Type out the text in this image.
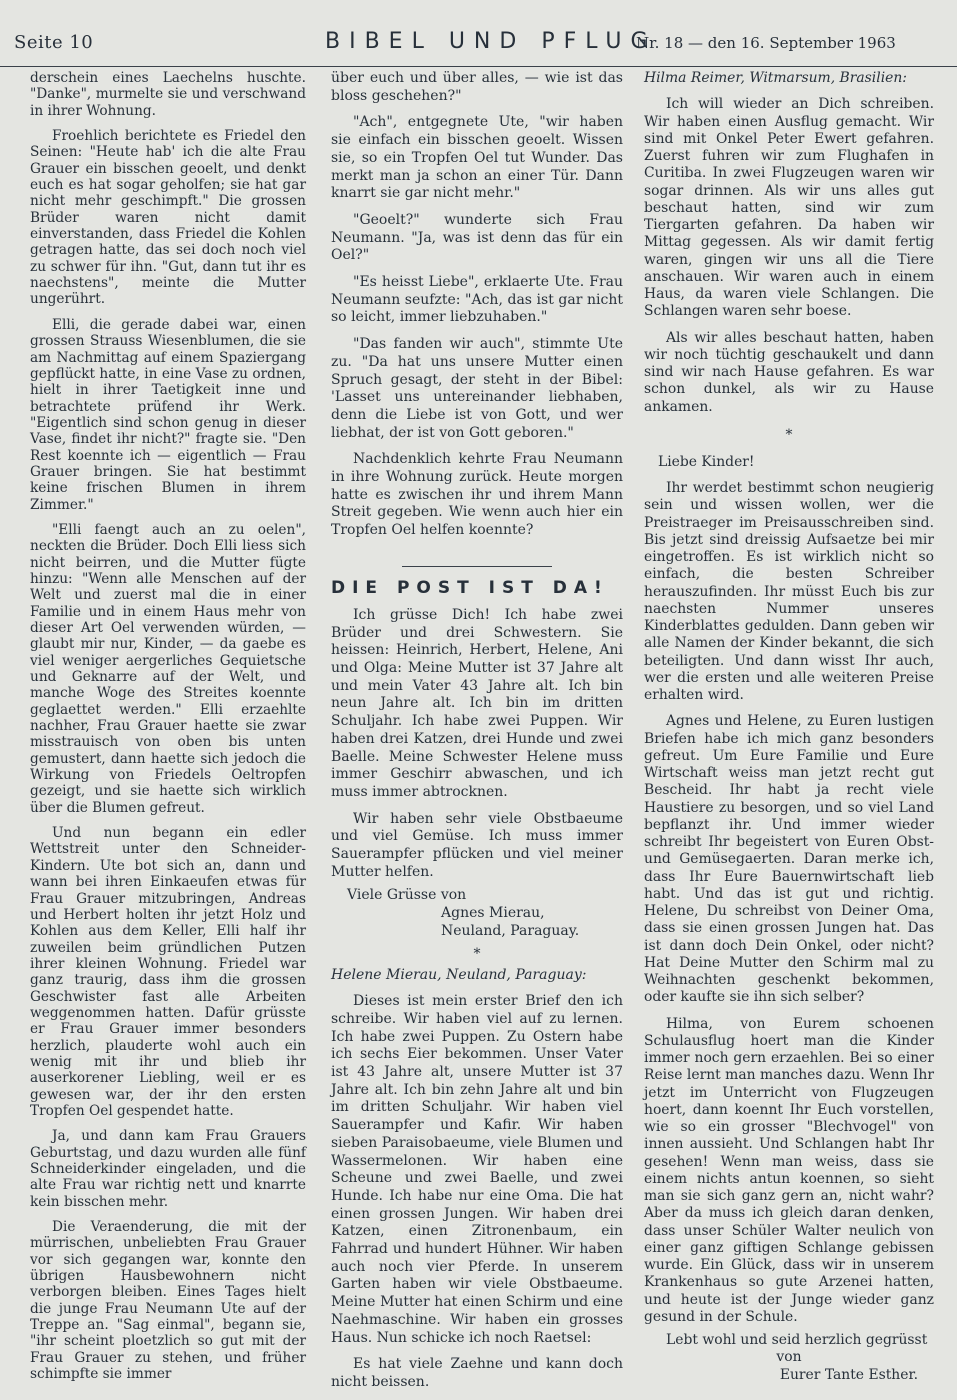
Seite 10	BIBEL UND PFLUG
Nr. 18 — den 16. September 1963

derschein eines Laechelns huschte. "Danke", murmelte sie und verschwand in ihrer Wohnung.

Froehlich berichtete es Friedel den Seinen: "Heute hab' ich die alte Frau Grauer ein bisschen geoelt, und denkt euch es hat sogar geholfen; sie hat gar nicht mehr geschimpft." Die grossen Brüder waren nicht damit einverstanden, dass Friedel die Kohlen getragen hatte, das sei doch noch viel zu schwer für ihn. "Gut, dann tut ihr es naechstens", meinte die Mutter ungerührt.

Elli, die gerade dabei war, einen grossen Strauss Wiesenblumen, die sie am Nachmittag auf einem Spaziergang gepflückt hatte, in eine Vase zu ordnen, hielt in ihrer Taetigkeit inne und betrachtete prüfend ihr Werk. "Eigentlich sind schon genug in dieser Vase, findet ihr nicht?" fragte sie. "Den Rest koennte ich — eigentlich — Frau Grauer bringen. Sie hat bestimmt keine frischen Blumen in ihrem Zimmer."

"Elli faengt auch an zu oelen", neckten die Brüder. Doch Elli liess sich nicht beirren, und die Mutter fügte hinzu: "Wenn alle Menschen auf der Welt und zuerst mal die in einer Familie und in einem Haus mehr von dieser Art Oel verwenden würden, — glaubt mir nur, Kinder, — da gaebe es viel weniger aergerliches Gequietsche und Geknarre auf der Welt, und manche Woge des Streites koennte geglaettet werden." Elli erzaehlte nachher, Frau Grauer haette sie zwar misstrauisch von oben bis unten gemustert, dann haette sich jedoch die Wirkung von Friedels Oeltropfen gezeigt, und sie haette sich wirklich über die Blumen gefreut.

Und nun begann ein edler Wettstreit unter den Schneider-Kindern. Ute bot sich an, dann und wann bei ihren Einkaeufen etwas für Frau Grauer mitzubringen, Andreas und Herbert holten ihr jetzt Holz und Kohlen aus dem Keller, Elli half ihr zuweilen beim gründlichen Putzen ihrer kleinen Wohnung. Friedel war ganz traurig, dass ihm die grossen Geschwister fast alle Arbeiten weggenommen hatten. Dafür grüsste er Frau Grauer immer besonders herzlich, plauderte wohl auch ein wenig mit ihr und blieb ihr auserkorener Liebling, weil er es gewesen war, der ihr den ersten Tropfen Oel gespendet hatte.

Ja, und dann kam Frau Grauers Geburtstag, und dazu wurden alle fünf Schneiderkinder eingeladen, und die alte Frau war richtig nett und knarrte kein bisschen mehr.

Die Veraenderung, die mit der mürrischen, unbeliebten Frau Grauer vor sich gegangen war, konnte den übrigen Hausbewohnern nicht verborgen bleiben. Eines Tages hielt die junge Frau Neumann Ute auf der Treppe an. "Sag einmal", begann sie, "ihr scheint ploetzlich so gut mit der Frau Grauer zu stehen, und früher schimpfte sie immer

über euch und über alles, — wie ist das bloss geschehen?"

"Ach", entgegnete Ute, "wir haben sie einfach ein bisschen geoelt. Wissen sie, so ein Tropfen Oel tut Wunder. Das merkt man ja schon an einer Tür. Dann knarrt sie gar nicht mehr."

"Geoelt?" wunderte sich Frau Neumann. "Ja, was ist denn das für ein Oel?"

"Es heisst Liebe", erklaerte Ute. Frau Neumann seufzte: "Ach, das ist gar nicht so leicht, immer liebzuhaben."

"Das fanden wir auch", stimmte Ute zu. "Da hat uns unsere Mutter einen Spruch gesagt, der steht in der Bibel: 'Lasset uns untereinander liebhaben, denn die Liebe ist von Gott, und wer liebhat, der ist von Gott geboren."

Nachdenklich kehrte Frau Neumann in ihre Wohnung zurück. Heute morgen hatte es zwischen ihr und ihrem Mann Streit gegeben. Wie wenn auch hier ein Tropfen Oel helfen koennte?

DIE POST IST DA!

Ich grüsse Dich! Ich habe zwei Brüder und drei Schwestern. Sie heissen: Heinrich, Herbert, Helene, Ani und Olga: Meine Mutter ist 37 Jahre alt und mein Vater 43 Jahre alt. Ich bin neun Jahre alt. Ich bin im dritten Schuljahr. Ich habe zwei Puppen. Wir haben drei Katzen, drei Hunde und zwei Baelle. Meine Schwester Helene muss immer Geschirr abwaschen, und ich muss immer abtrocknen.

Wir haben sehr viele Obstbaeume und viel Gemüse. Ich muss immer Sauerampfer pflücken und viel meiner Mutter helfen.

Viele Grüsse von
Agnes Mierau,
Neuland, Paraguay.
*

Helene Mierau, Neuland, Paraguay:

Dieses ist mein erster Brief den ich schreibe. Wir haben viel auf zu lernen. Ich habe zwei Puppen. Zu Ostern habe ich sechs Eier bekommen. Unser Vater ist 43 Jahre alt, unsere Mutter ist 37 Jahre alt. Ich bin zehn Jahre alt und bin im dritten Schuljahr. Wir haben viel Sauerampfer und Kafir. Wir haben sieben Paraisobaeume, viele Blumen und Wassermelonen. Wir haben eine Scheune und zwei Baelle, und zwei Hunde. Ich habe nur eine Oma. Die hat einen grossen Jungen. Wir haben drei Katzen, einen Zitronenbaum, ein Fahrrad und hundert Hühner. Wir haben auch noch vier Pferde. In unserem Garten haben wir viele Obstbaeume. Meine Mutter hat einen Schirm und eine Naehmaschine. Wir haben ein grosses Haus. Nun schicke ich noch Raetsel:

Es hat viele Zaehne und kann doch nicht beissen.

Hilma Reimer, Witmarsum, Brasilien:

Ich will wieder an Dich schreiben. Wir haben einen Ausflug gemacht. Wir sind mit Onkel Peter Ewert gefahren. Zuerst fuhren wir zum Flughafen in Curitiba. In zwei Flugzeugen waren wir sogar drinnen. Als wir uns alles gut beschaut hatten, sind wir zum Tiergarten gefahren. Da haben wir Mittag gegessen. Als wir damit fertig waren, gingen wir uns all die Tiere anschauen. Wir waren auch in einem Haus, da waren viele Schlangen. Die Schlangen waren sehr boese.

Als wir alles beschaut hatten, haben wir noch tüchtig geschaukelt und dann sind wir nach Hause gefahren. Es war schon dunkel, als wir zu Hause ankamen.

*

Liebe Kinder!

Ihr werdet bestimmt schon neugierig sein und wissen wollen, wer die Preistraeger im Preisausschreiben sind. Bis jetzt sind dreissig Aufsaetze bei mir eingetroffen. Es ist wirklich nicht so einfach, die besten Schreiber herauszufinden. Ihr müsst Euch bis zur naechsten Nummer unseres Kinderblattes gedulden. Dann geben wir alle Namen der Kinder bekannt, die sich beteiligten. Und dann wisst Ihr auch, wer die ersten und alle weiteren Preise erhalten wird.

Agnes und Helene, zu Euren lustigen Briefen habe ich mich ganz besonders gefreut. Um Eure Familie und Eure Wirtschaft weiss man jetzt recht gut Bescheid. Ihr habt ja recht viele Haustiere zu besorgen, und so viel Land bepflanzt ihr. Und immer wieder schreibt Ihr begeistert von Euren Obst- und Gemüsegaerten. Daran merke ich, dass Ihr Eure Bauernwirtschaft lieb habt. Und das ist gut und richtig. Helene, Du schreibst von Deiner Oma, dass sie einen grossen Jungen hat. Das ist dann doch Dein Onkel, oder nicht? Hat Deine Mutter den Schirm mal zu Weihnachten geschenkt bekommen, oder kaufte sie ihn sich selber?

Hilma, von Eurem schoenen Schulausflug hoert man die Kinder immer noch gern erzaehlen. Bei so einer Reise lernt man manches dazu. Wenn Ihr jetzt im Unterricht von Flugzeugen hoert, dann koennt Ihr Euch vorstellen, wie so ein grosser "Blechvogel" von innen aussieht. Und Schlangen habt Ihr gesehen! Wenn man weiss, dass sie einem nichts antun koennen, so sieht man sie sich ganz gern an, nicht wahr? Aber da muss ich gleich daran denken, dass unser Schüler Walter neulich von einer ganz giftigen Schlange gebissen wurde. Ein Glück, dass wir in unserem Krankenhaus so gute Arzenei hatten, und heute ist der Junge wieder ganz gesund in der Schule.

Lebt wohl und seid herzlich gegrüsst
von
Eurer Tante Esther.
